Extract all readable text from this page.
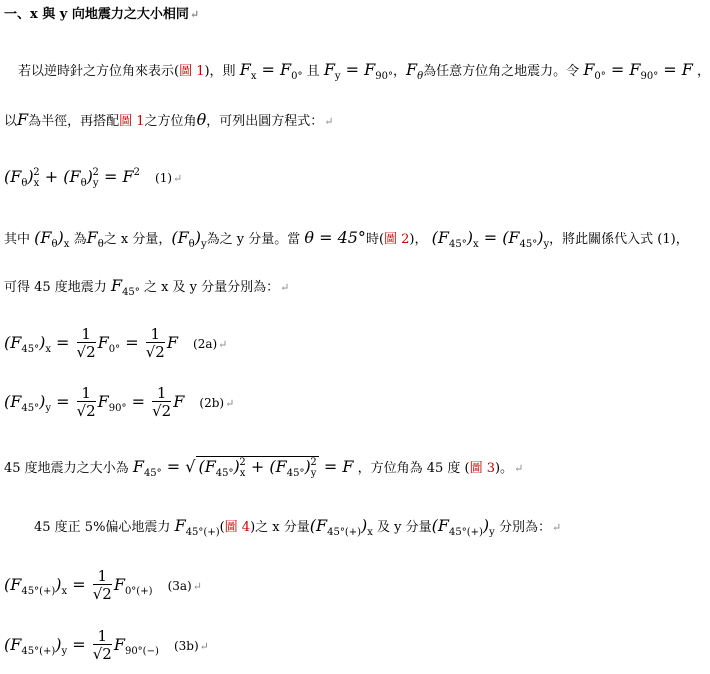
一、x 與 y 向地震力之大小相同↵
若以逆時針之方位角來表示(圖 1)，則 $F_x = F_{0^\circ}$ 且 $F_y = F_{90^\circ}$，$F_\theta$為任意方位角之地震力。令 $F_{0^\circ} = F_{90^\circ} = F$ ，
以F為半徑，再搭配圖 1之方位角θ，可列出圓方程式：↵
$(F_\theta)_x^2 + (F_\theta)_y^2 = F^2$ (1)↵
其中 $(F_\theta)_x$ 為$F_\theta$之 x 分量，$(F_\theta)_y$為之 y 分量。當 θ = 45°時(圖 2)， $(F_{45^\circ})_x = (F_{45^\circ})_y$，將此關係代入式 (1)，
可得 45 度地震力 $F_{45^\circ}$ 之 x 及 y 分量分別為：↵
$(F_{45^\circ})_x = \frac{1}{√2} F_{0^\circ} = \frac{1}{√2}$ F (2a)↵
$(F_{45^\circ})_y = \frac{1}{√2} F_{90^\circ} = \frac{1}{√2}$ F (2b)↵
45 度地震力之大小為 $F_{45^\circ}$ = √ $(F_{45^\circ})_x^2 + (F_{45^\circ})_y^2 = F$ ，方位角為 45 度 (圖 3)。↵
45 度正 5%偏心地震力 $F_{45^\circ(+)}$(圖 4)之 x 分量$(F_{45^\circ(+)})_x$ 及 y 分量$(F_{45^\circ(+)})_y$ 分別為：↵
$(F_{45^\circ(+)})_x = \frac{1}{√2} F_{0^\circ(+)}$ (3a)↵
$(F_{45^\circ(+)})_y = \frac{1}{√2} F_{90^\circ(-)}$ (3b)↵
